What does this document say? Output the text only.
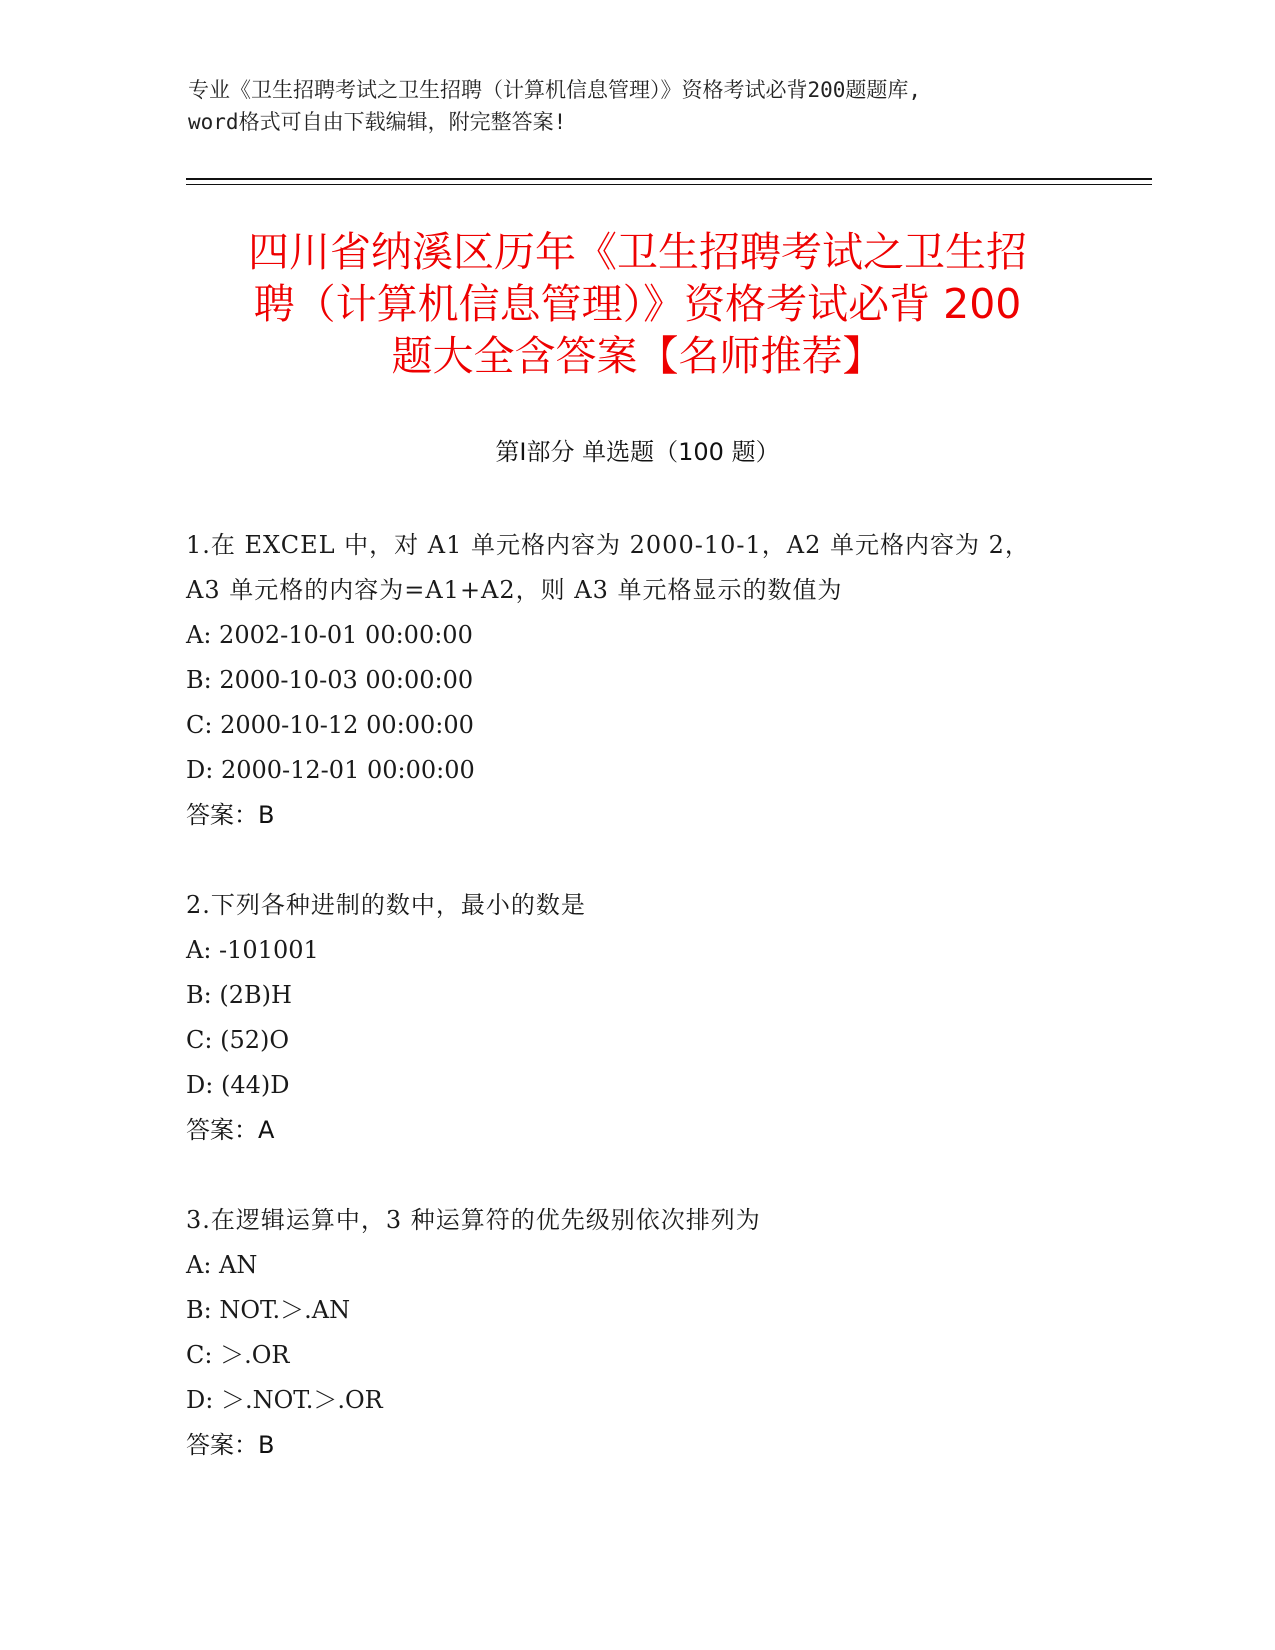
专业《卫生招聘考试之卫生招聘（计算机信息管理）》资格考试必背200题题库,
word格式可自由下载编辑，附完整答案!
四川省纳溪区历年《卫生招聘考试之卫生招
聘（计算机信息管理）》资格考试必背 200
题大全含答案【名师推荐】
第Ⅰ部分 单选题（100 题）
1.在 EXCEL 中，对 A1 单元格内容为 2000-10-1，A2 单元格内容为 2，
A3 单元格的内容为=A1+A2，则 A3 单元格显示的数值为
A: 2002-10-01 00:00:00
B: 2000-10-03 00:00:00
C: 2000-10-12 00:00:00
D: 2000-12-01 00:00:00
答案：B
2.下列各种进制的数中，最小的数是
A: -101001
B: (2B)H
C: (52)O
D: (44)D
答案：A
3.在逻辑运算中，3 种运算符的优先级别依次排列为
A: AN
B: NOT.＞.AN
C: ＞.OR
D: ＞.NOT.＞.OR
答案：B
